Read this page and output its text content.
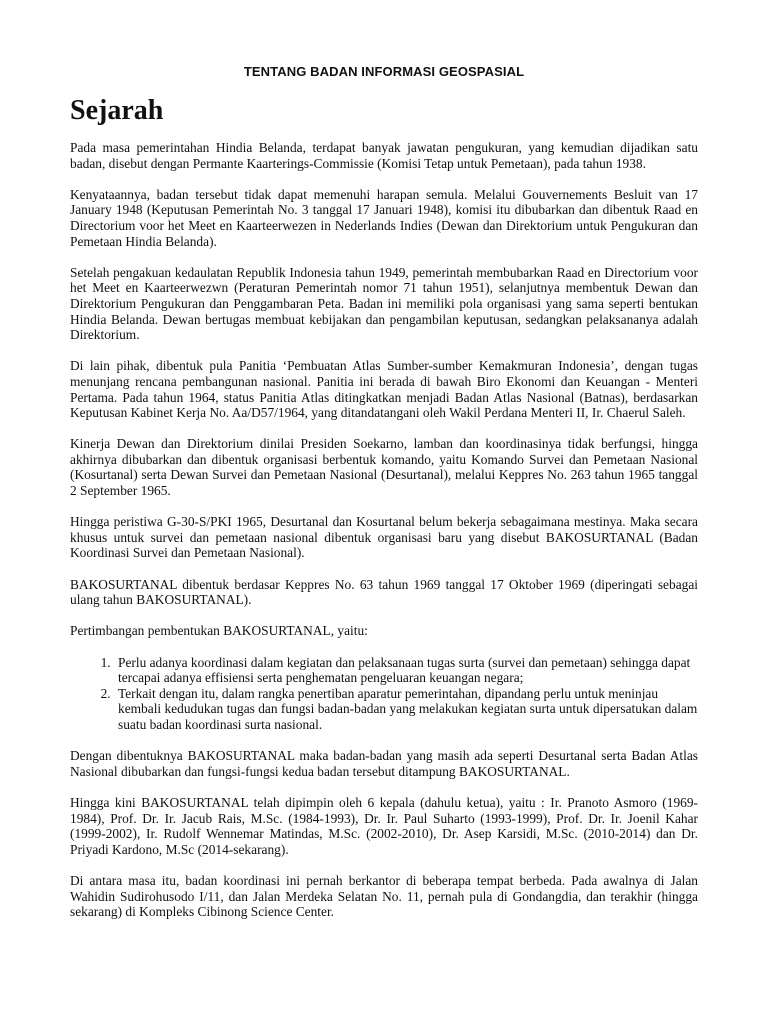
TENTANG BADAN INFORMASI GEOSPASIAL
Sejarah

Pada masa pemerintahan Hindia Belanda, terdapat banyak jawatan pengukuran, yang kemudian dijadikan satu badan, disebut dengan Permante Kaarterings-Commissie (Komisi Tetap untuk Pemetaan), pada tahun 1938.

Kenyataannya, badan tersebut tidak dapat memenuhi harapan semula. Melalui Gouvernements Besluit van 17 January 1948 (Keputusan Pemerintah No. 3 tanggal 17 Januari 1948), komisi itu dibubarkan dan dibentuk Raad en Directorium voor het Meet en Kaarteerwezen in Nederlands Indies (Dewan dan Direktorium untuk Pengukuran dan Pemetaan Hindia Belanda).

Setelah pengakuan kedaulatan Republik Indonesia tahun 1949, pemerintah membubarkan Raad en Directorium voor het Meet en Kaarteerwezwn (Peraturan Pemerintah nomor 71 tahun 1951), selanjutnya membentuk Dewan dan Direktorium Pengukuran dan Penggambaran Peta. Badan ini memiliki pola organisasi yang sama seperti bentukan Hindia Belanda. Dewan bertugas membuat kebijakan dan pengambilan keputusan, sedangkan pelaksananya adalah Direktorium.

Di lain pihak, dibentuk pula Panitia ‘Pembuatan Atlas Sumber-sumber Kemakmuran Indonesia’, dengan tugas menunjang rencana pembangunan nasional. Panitia ini berada di bawah Biro Ekonomi dan Keuangan - Menteri Pertama. Pada tahun 1964, status Panitia Atlas ditingkatkan menjadi Badan Atlas Nasional (Batnas), berdasarkan Keputusan Kabinet Kerja No. Aa/D57/1964, yang ditandatangani oleh Wakil Perdana Menteri II, Ir. Chaerul Saleh.

Kinerja Dewan dan Direktorium dinilai Presiden Soekarno, lamban dan koordinasinya tidak berfungsi, hingga akhirnya dibubarkan dan dibentuk organisasi berbentuk komando, yaitu Komando Survei dan Pemetaan Nasional (Kosurtanal) serta Dewan Survei dan Pemetaan Nasional (Desurtanal), melalui Keppres No. 263 tahun 1965 tanggal 2 September 1965.

Hingga peristiwa G-30-S/PKI 1965, Desurtanal dan Kosurtanal belum bekerja sebagaimana mestinya. Maka secara khusus untuk survei dan pemetaan nasional dibentuk organisasi baru yang disebut BAKOSURTANAL (Badan Koordinasi Survei dan Pemetaan Nasional).

BAKOSURTANAL dibentuk berdasar Keppres No. 63 tahun 1969 tanggal 17 Oktober 1969 (diperingati sebagai ulang tahun BAKOSURTANAL).

Pertimbangan pembentukan BAKOSURTANAL, yaitu:

1. Perlu adanya koordinasi dalam kegiatan dan pelaksanaan tugas surta (survei dan pemetaan) sehingga dapat tercapai adanya effisiensi serta penghematan pengeluaran keuangan negara;
2. Terkait dengan itu, dalam rangka penertiban aparatur pemerintahan, dipandang perlu untuk meninjau kembali kedudukan tugas dan fungsi badan-badan yang melakukan kegiatan surta untuk dipersatukan dalam suatu badan koordinasi surta nasional.

Dengan dibentuknya BAKOSURTANAL maka badan-badan yang masih ada seperti Desurtanal serta Badan Atlas Nasional dibubarkan dan fungsi-fungsi kedua badan tersebut ditampung BAKOSURTANAL.

Hingga kini BAKOSURTANAL telah dipimpin oleh 6 kepala (dahulu ketua), yaitu : Ir. Pranoto Asmoro (1969-1984), Prof. Dr. Ir. Jacub Rais, M.Sc. (1984-1993), Dr. Ir. Paul Suharto (1993-1999), Prof. Dr. Ir. Joenil Kahar (1999-2002), Ir. Rudolf Wennemar Matindas, M.Sc. (2002-2010), Dr. Asep Karsidi, M.Sc. (2010-2014) dan Dr. Priyadi Kardono, M.Sc (2014-sekarang).

Di antara masa itu, badan koordinasi ini pernah berkantor di beberapa tempat berbeda. Pada awalnya di Jalan Wahidin Sudirohusodo I/11, dan Jalan Merdeka Selatan No. 11, pernah pula di Gondangdia, dan terakhir (hingga sekarang) di Kompleks Cibinong Science Center.
